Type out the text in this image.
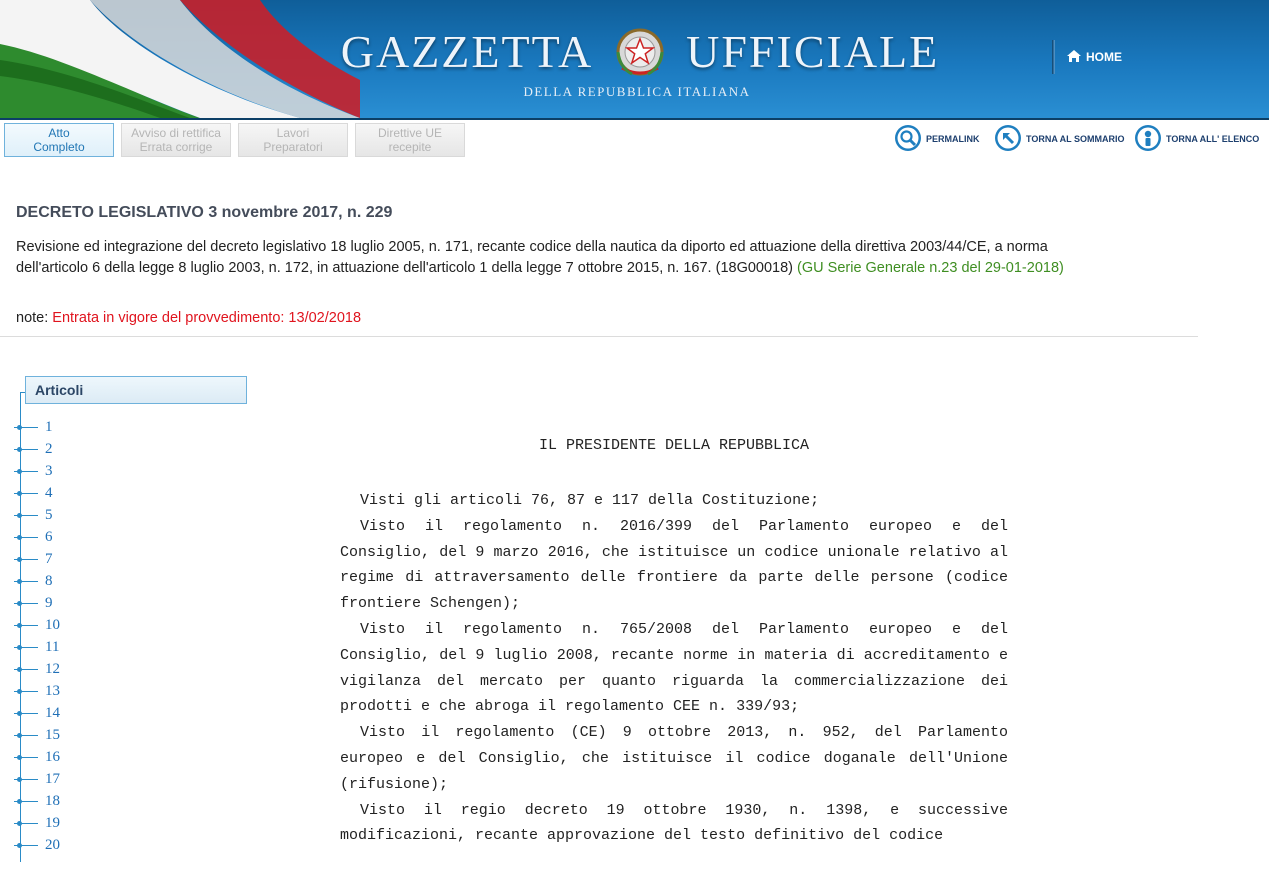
GAZZETTA UFFICIALE
DELLA REPUBBLICA ITALIANA
HOME
Atto
Completo
Avviso di rettifica
Errata corrige
Lavori
Preparatori
Direttive UE
recepite
PERMALINK	TORNA AL SOMMARIO	TORNA ALL' ELENCO
DECRETO LEGISLATIVO 3 novembre 2017, n. 229
Revisione ed integrazione del decreto legislativo 18 luglio 2005, n. 171, recante codice della nautica da diporto ed attuazione della direttiva 2003/44/CE, a norma dell'articolo 6 della legge 8 luglio 2003, n. 172, in attuazione dell'articolo 1 della legge 7 ottobre 2015, n. 167. (18G00018) (GU Serie Generale n.23 del 29-01-2018)
note: Entrata in vigore del provvedimento: 13/02/2018
Articoli
1
2
3
4
5
6
7
8
9
10
11
12
13
14
15
16
17
18
19
20
IL PRESIDENTE DELLA REPUBBLICA

Visti gli articoli 76, 87 e 117 della Costituzione;

Visto il regolamento n. 2016/399 del Parlamento europeo e del Consiglio, del 9 marzo 2016, che istituisce un codice unionale relativo al regime di attraversamento delle frontiere da parte delle persone (codice frontiere Schengen);

Visto il regolamento n. 765/2008 del Parlamento europeo e del Consiglio, del 9 luglio 2008, recante norme in materia di accreditamento e vigilanza del mercato per quanto riguarda la commercializzazione dei prodotti e che abroga il regolamento CEE n. 339/93;

Visto il regolamento (CE) 9 ottobre 2013, n. 952, del Parlamento europeo e del Consiglio, che istituisce il codice doganale dell'Unione (rifusione);

Visto il regio decreto 19 ottobre 1930, n. 1398, e successive modificazioni, recante approvazione del testo definitivo del codice
